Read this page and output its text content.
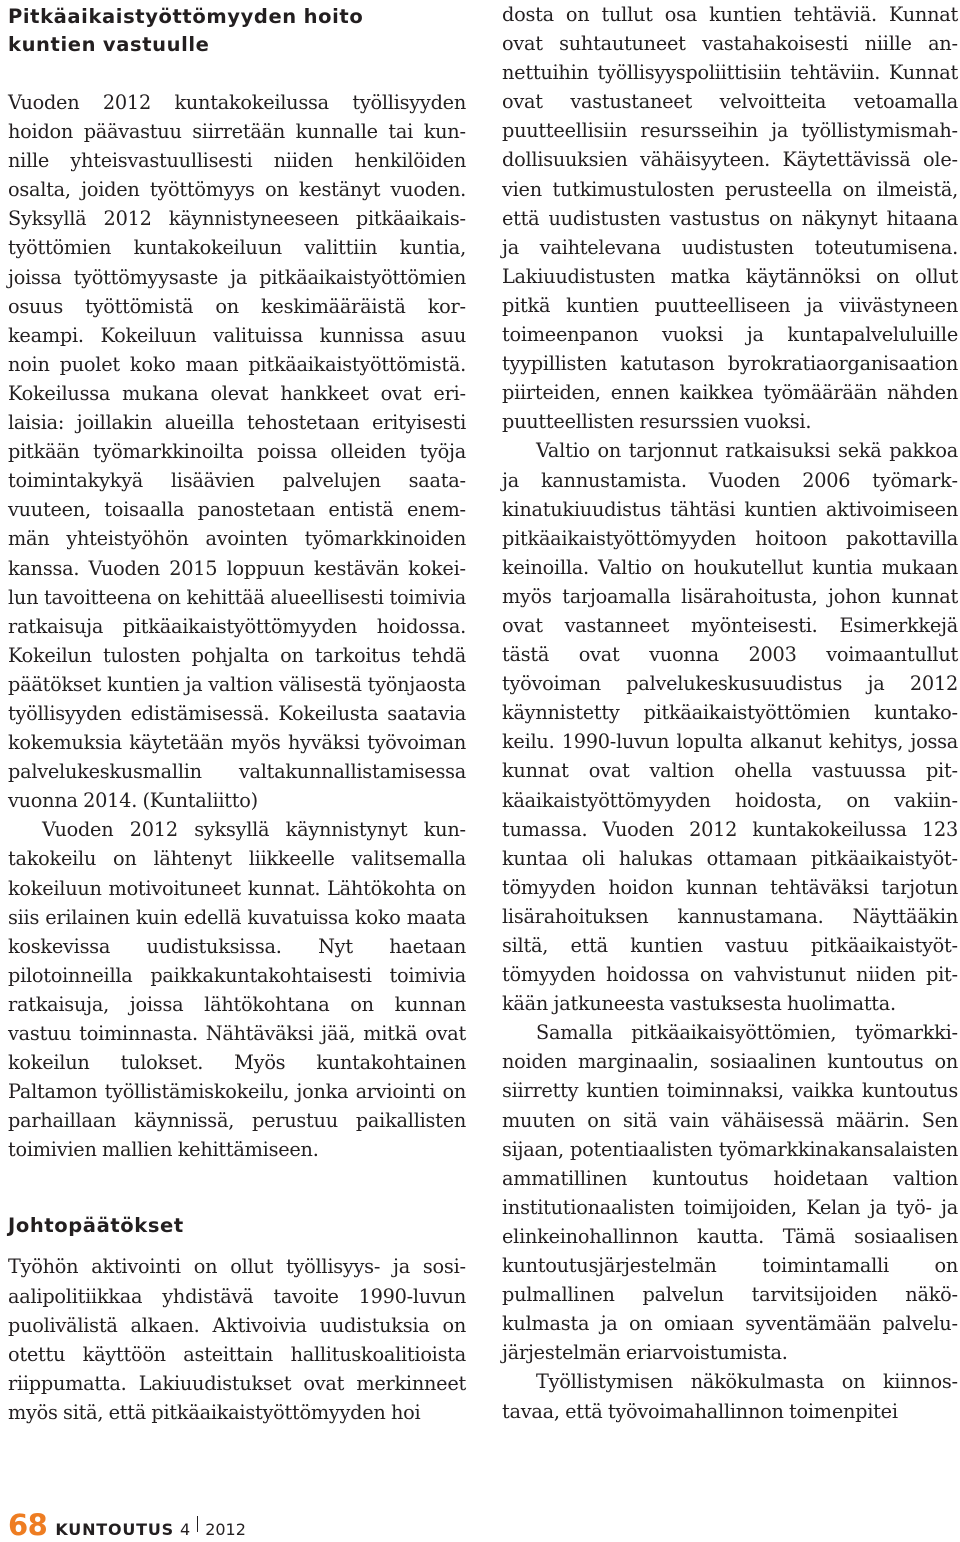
Pitkäaikaistyöttömyyden hoito
kuntien vastuulle

Vuoden 2012 kuntakokeilussa työllisyyden hoidon päävastuu siirretään kunnalle tai kunnille yhteisvastuullisesti niiden henkilöiden osalta, joiden työttömyys on kestänyt vuoden. Syksyllä 2012 käynnistyneeseen pitkäaikaistyöttömien kuntakokeiluun valittiin kuntia, joissa työttömyysaste ja pitkäaikaistyöttömien osuus työttömistä on keskimääräistä korkeampi. Kokeiluun valituissa kunnissa asuu noin puolet koko maan pitkäaikaistyöttömistä. Kokeilussa mukana olevat hankkeet ovat erilaisia: joillakin alueilla tehostetaan erityisesti pitkään työmarkkinoilta poissa olleiden työja toimintakykyä lisäävien palvelujen saatavuuteen, toisaalla panostetaan entistä enemmän yhteistyöhön avointen työmarkkinoiden kanssa. Vuoden 2015 loppuun kestävän kokeilun tavoitteena on kehittää alueellisesti toimivia ratkaisuja pitkäaikaistyöttömyyden hoidossa. Kokeilun tulosten pohjalta on tarkoitus tehdä päätökset kuntien ja valtion välisestä työnjaosta työllisyyden edistämisessä. Kokeilusta saatavia kokemuksia käytetään myös hyväksi työvoiman palvelukeskusmallin valtakunnallistamisessa vuonna 2014. (Kuntaliitto)

Vuoden 2012 syksyllä käynnistynyt kuntakokeilu on lähtenyt liikkeelle valitsemalla kokeiluun motivoituneet kunnat. Lähtökohta on siis erilainen kuin edellä kuvatuissa koko maata koskevissa uudistuksissa. Nyt haetaan pilotoinneilla paikkakuntakohtaisesti toimivia ratkaisuja, joissa lähtökohtana on kunnan vastuu toiminnasta. Nähtäväksi jää, mitkä ovat kokeilun tulokset. Myös kuntakohtainen Paltamon työllistämiskokeilu, jonka arviointi on parhaillaan käynnissä, perustuu paikallisten toimivien mallien kehittämiseen.

Johtopäätökset

Työhön aktivointi on ollut työllisyys- ja sosiaalipolitiikkaa yhdistävä tavoite 1990-luvun puolivälistä alkaen. Aktivoivia uudistuksia on otettu käyttöön asteittain hallituskoalitioista riippumatta. Lakiuudistukset ovat merkinneet myös sitä, että pitkäaikaistyöttömyyden hoi

dosta on tullut osa kuntien tehtäviä. Kunnat ovat suhtautuneet vastahakoisesti niille annettuihin työllisyyspoliittisiin tehtäviin. Kunnat ovat vastustaneet velvoitteita vetoamalla puutteellisiin resursseihin ja työllistymismahdollisuuksien vähäisyyteen. Käytettävissä olevien tutkimustulosten perusteella on ilmeistä, että uudistusten vastustus on näkynyt hitaana ja vaihtelevana uudistusten toteutumisena. Lakiuudistusten matka käytännöksi on ollut pitkä kuntien puutteelliseen ja viivästyneen toimeenpanon vuoksi ja kuntapalveluluille tyypillisten katutason byrokratiaorganisaation piirteiden, ennen kaikkea työmäärään nähden puutteellisten resurssien vuoksi.

Valtio on tarjonnut ratkaisuksi sekä pakkoa ja kannustamista. Vuoden 2006 työmarkkinatukiuudistus tähtäsi kuntien aktivoimiseen pitkäaikaistyöttömyyden hoitoon pakottavilla keinoilla. Valtio on houkutellut kuntia mukaan myös tarjoamalla lisärahoitusta, johon kunnat ovat vastanneet myönteisesti. Esimerkkejä tästä ovat vuonna 2003 voimaantullut työvoiman palvelukeskusuudistus ja 2012 käynnistetty pitkäaikaistyöttömien kuntakokeilu. 1990-luvun lopulta alkanut kehitys, jossa kunnat ovat valtion ohella vastuussa pitkäaikaistyöttömyyden hoidosta, on vakiintumassa. Vuoden 2012 kuntakokeilussa 123 kuntaa oli halukas ottamaan pitkäaikaistyöttömyyden hoidon kunnan tehtäväksi tarjotun lisärahoituksen kannustamana. Näyttääkin siltä, että kuntien vastuu pitkäaikaistyöttömyyden hoidossa on vahvistunut niiden pitkään jatkuneesta vastuksesta huolimatta.

Samalla pitkäaikaisyöttömien, työmarkkinoiden marginaalin, sosiaalinen kuntoutus on siirretty kuntien toiminnaksi, vaikka kuntoutus muuten on sitä vain vähäisessä määrin. Sen sijaan, potentiaalisten työmarkkinakansalaisten ammatillinen kuntoutus hoidetaan valtion institutionaalisten toimijoiden, Kelan ja työ- ja elinkeinohallinnon kautta. Tämä sosiaalisen kuntoutusjärjestelmän toimintamalli on pulmallinen palvelun tarvitsijoiden näkökulmasta ja on omiaan syventämään palvelujärjestelmän eriarvoistumista.

Työllistymisen näkökulmasta on kiinnostavaa, että työvoimahallinnon toimenpitei

68 KUNTOUTUS 4 2012
